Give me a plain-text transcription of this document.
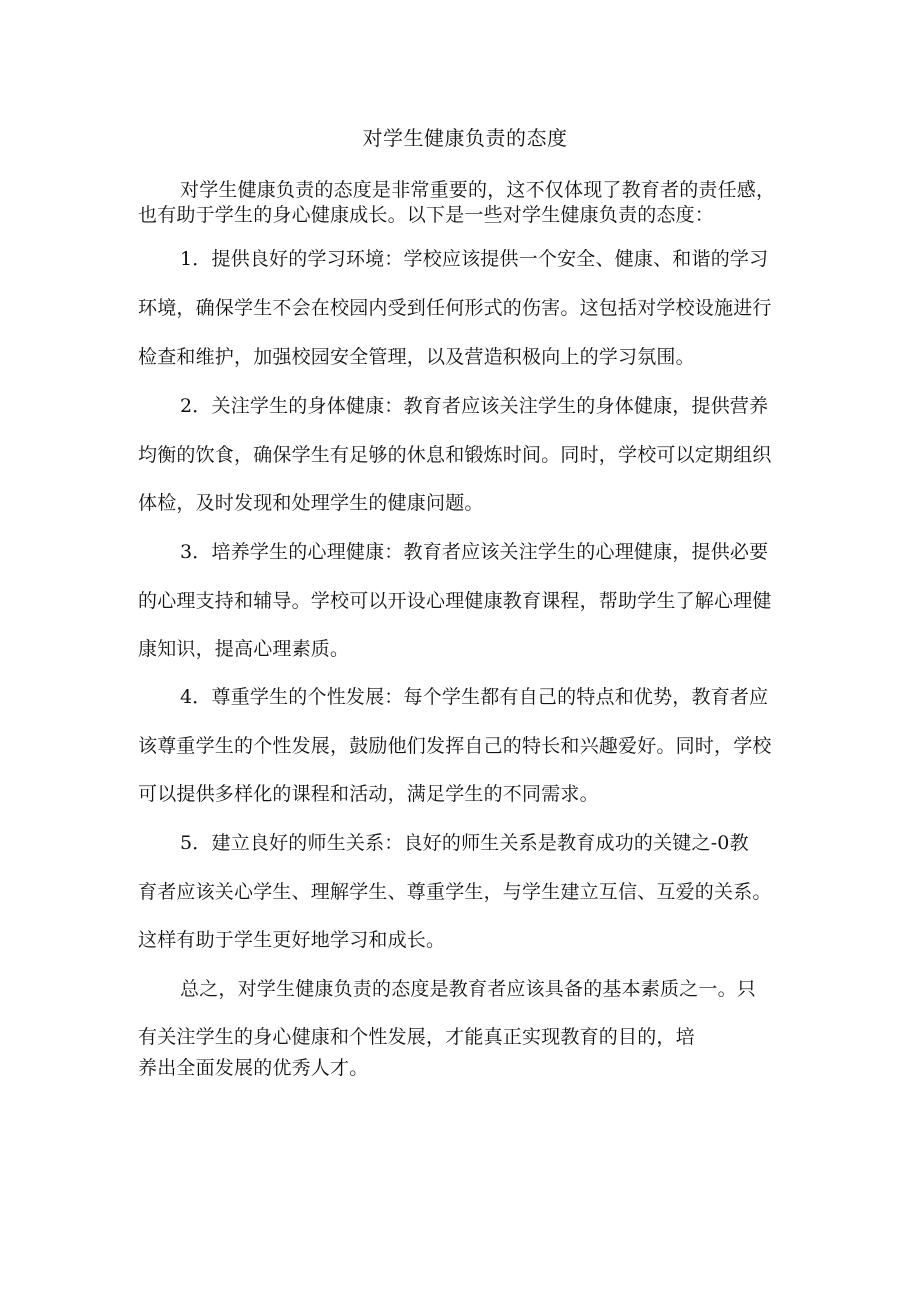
对学生健康负责的态度
对学生健康负责的态度是非常重要的，这不仅体现了教育者的责任感，
也有助于学生的身心健康成长。以下是一些对学生健康负责的态度：
1．提供良好的学习环境：学校应该提供一个安全、健康、和谐的学习
环境，确保学生不会在校园内受到任何形式的伤害。这包括对学校设施进行
检查和维护，加强校园安全管理，以及营造积极向上的学习氛围。
2．关注学生的身体健康：教育者应该关注学生的身体健康，提供营养
均衡的饮食，确保学生有足够的休息和锻炼时间。同时，学校可以定期组织
体检，及时发现和处理学生的健康问题。
3．培养学生的心理健康：教育者应该关注学生的心理健康，提供必要
的心理支持和辅导。学校可以开设心理健康教育课程，帮助学生了解心理健
康知识，提高心理素质。
4．尊重学生的个性发展：每个学生都有自己的特点和优势，教育者应
该尊重学生的个性发展，鼓励他们发挥自己的特长和兴趣爱好。同时，学校
可以提供多样化的课程和活动，满足学生的不同需求。
5．建立良好的师生关系：良好的师生关系是教育成功的关键之-0教
育者应该关心学生、理解学生、尊重学生，与学生建立互信、互爱的关系。
这样有助于学生更好地学习和成长。
总之，对学生健康负责的态度是教育者应该具备的基本素质之一。只
有关注学生的身心健康和个性发展，才能真正实现教育的目的，培
养出全面发展的优秀人才。
